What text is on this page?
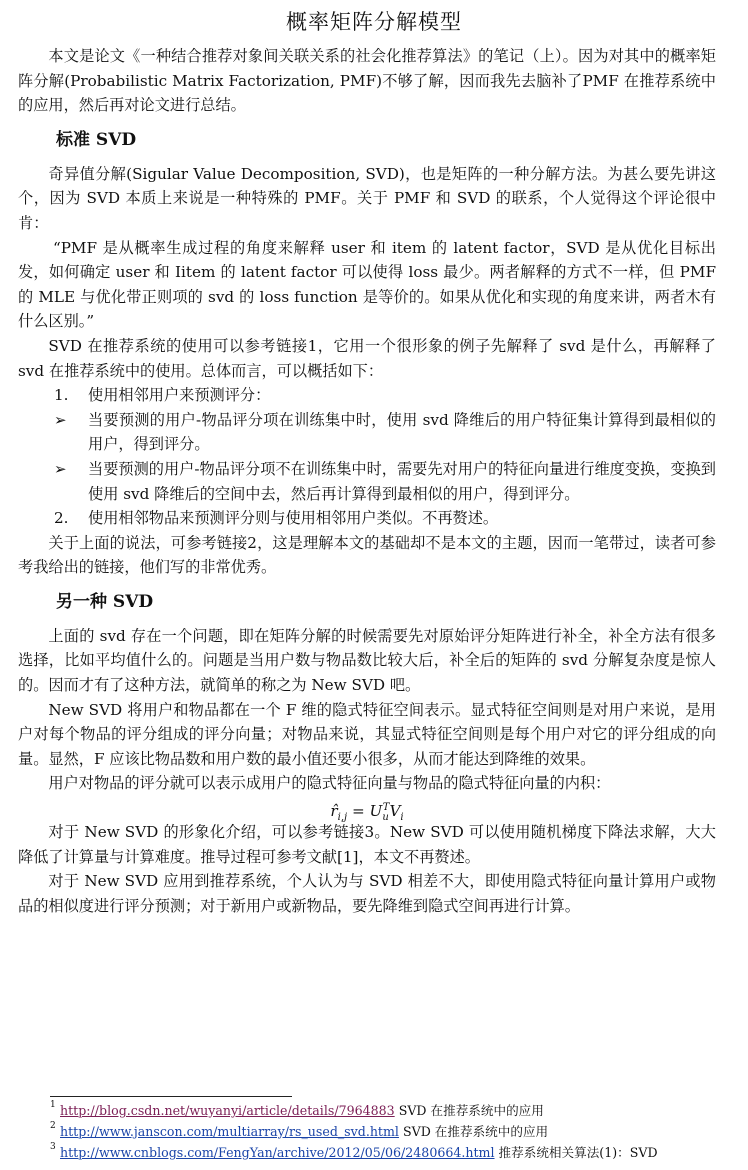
概率矩阵分解模型

本文是论文《一种结合推荐对象间关联关系的社会化推荐算法》的笔记（上）。因为对其中的概率矩阵分解(Probabilistic Matrix Factorization, PMF)不够了解，因而我先去脑补了PMF 在推荐系统中的应用，然后再对论文进行总结。

标准 SVD

奇异值分解(Sigular Value Decomposition, SVD)，也是矩阵的一种分解方法。为甚么要先讲这个，因为 SVD 本质上来说是一种特殊的 PMF。关于 PMF 和 SVD 的联系，个人觉得这个评论很中肯：

“PMF 是从概率生成过程的角度来解释 user 和 item 的 latent factor，SVD 是从优化目标出发，如何确定 user 和 Iitem 的 latent factor 可以使得 loss 最少。两者解释的方式不一样，但 PMF 的 MLE 与优化带正则项的 svd 的 loss function 是等价的。如果从优化和实现的角度来讲，两者木有什么区别。”

SVD 在推荐系统的使用可以参考链接1，它用一个很形象的例子先解释了 svd 是什么，再解释了 svd 在推荐系统中的使用。总体而言，可以概括如下：

1. 使用相邻用户来预测评分：

➢ 当要预测的用户-物品评分项在训练集中时，使用 svd 降维后的用户特征集计算得到最相似的用户，得到评分。

➢ 当要预测的用户-物品评分项不在训练集中时，需要先对用户的特征向量进行维度变换，变换到使用 svd 降维后的空间中去，然后再计算得到最相似的用户，得到评分。

2. 使用相邻物品来预测评分则与使用相邻用户类似。不再赘述。

关于上面的说法，可参考链接2，这是理解本文的基础却不是本文的主题，因而一笔带过，读者可参考我给出的链接，他们写的非常优秀。

另一种 SVD

上面的 svd 存在一个问题，即在矩阵分解的时候需要先对原始评分矩阵进行补全，补全方法有很多选择，比如平均值什么的。问题是当用户数与物品数比较大后，补全后的矩阵的 svd 分解复杂度是惊人的。因而才有了这种方法，就简单的称之为 New SVD 吧。

New SVD 将用户和物品都在一个 F 维的隐式特征空间表示。显式特征空间则是对用户来说，是用户对每个物品的评分组成的评分向量；对物品来说，其显式特征空间则是每个用户对它的评分组成的向量。显然，F 应该比物品数和用户数的最小值还要小很多，从而才能达到降维的效果。

用户对物品的评分就可以表示成用户的隐式特征向量与物品的隐式特征向量的内积：

$r̂_{i,j} = U_u^TV_i$

对于 New SVD 的形象化介绍，可以参考链接3。New SVD 可以使用随机梯度下降法求解，大大降低了计算量与计算难度。推导过程可参考文献[1]，本文不再赘述。

对于 New SVD 应用到推荐系统，个人认为与 SVD 相差不大，即使用隐式特征向量计算用户或物品的相似度进行评分预测；对于新用户或新物品，要先降维到隐式空间再进行计算。

1 http://blog.csdn.net/wuyanyi/article/details/7964883 SVD 在推荐系统中的应用
2 http://www.janscon.com/multiarray/rs_used_svd.html SVD 在推荐系统中的应用
3 http://www.cnblogs.com/FengYan/archive/2012/05/06/2480664.html 推荐系统相关算法(1)：SVD
